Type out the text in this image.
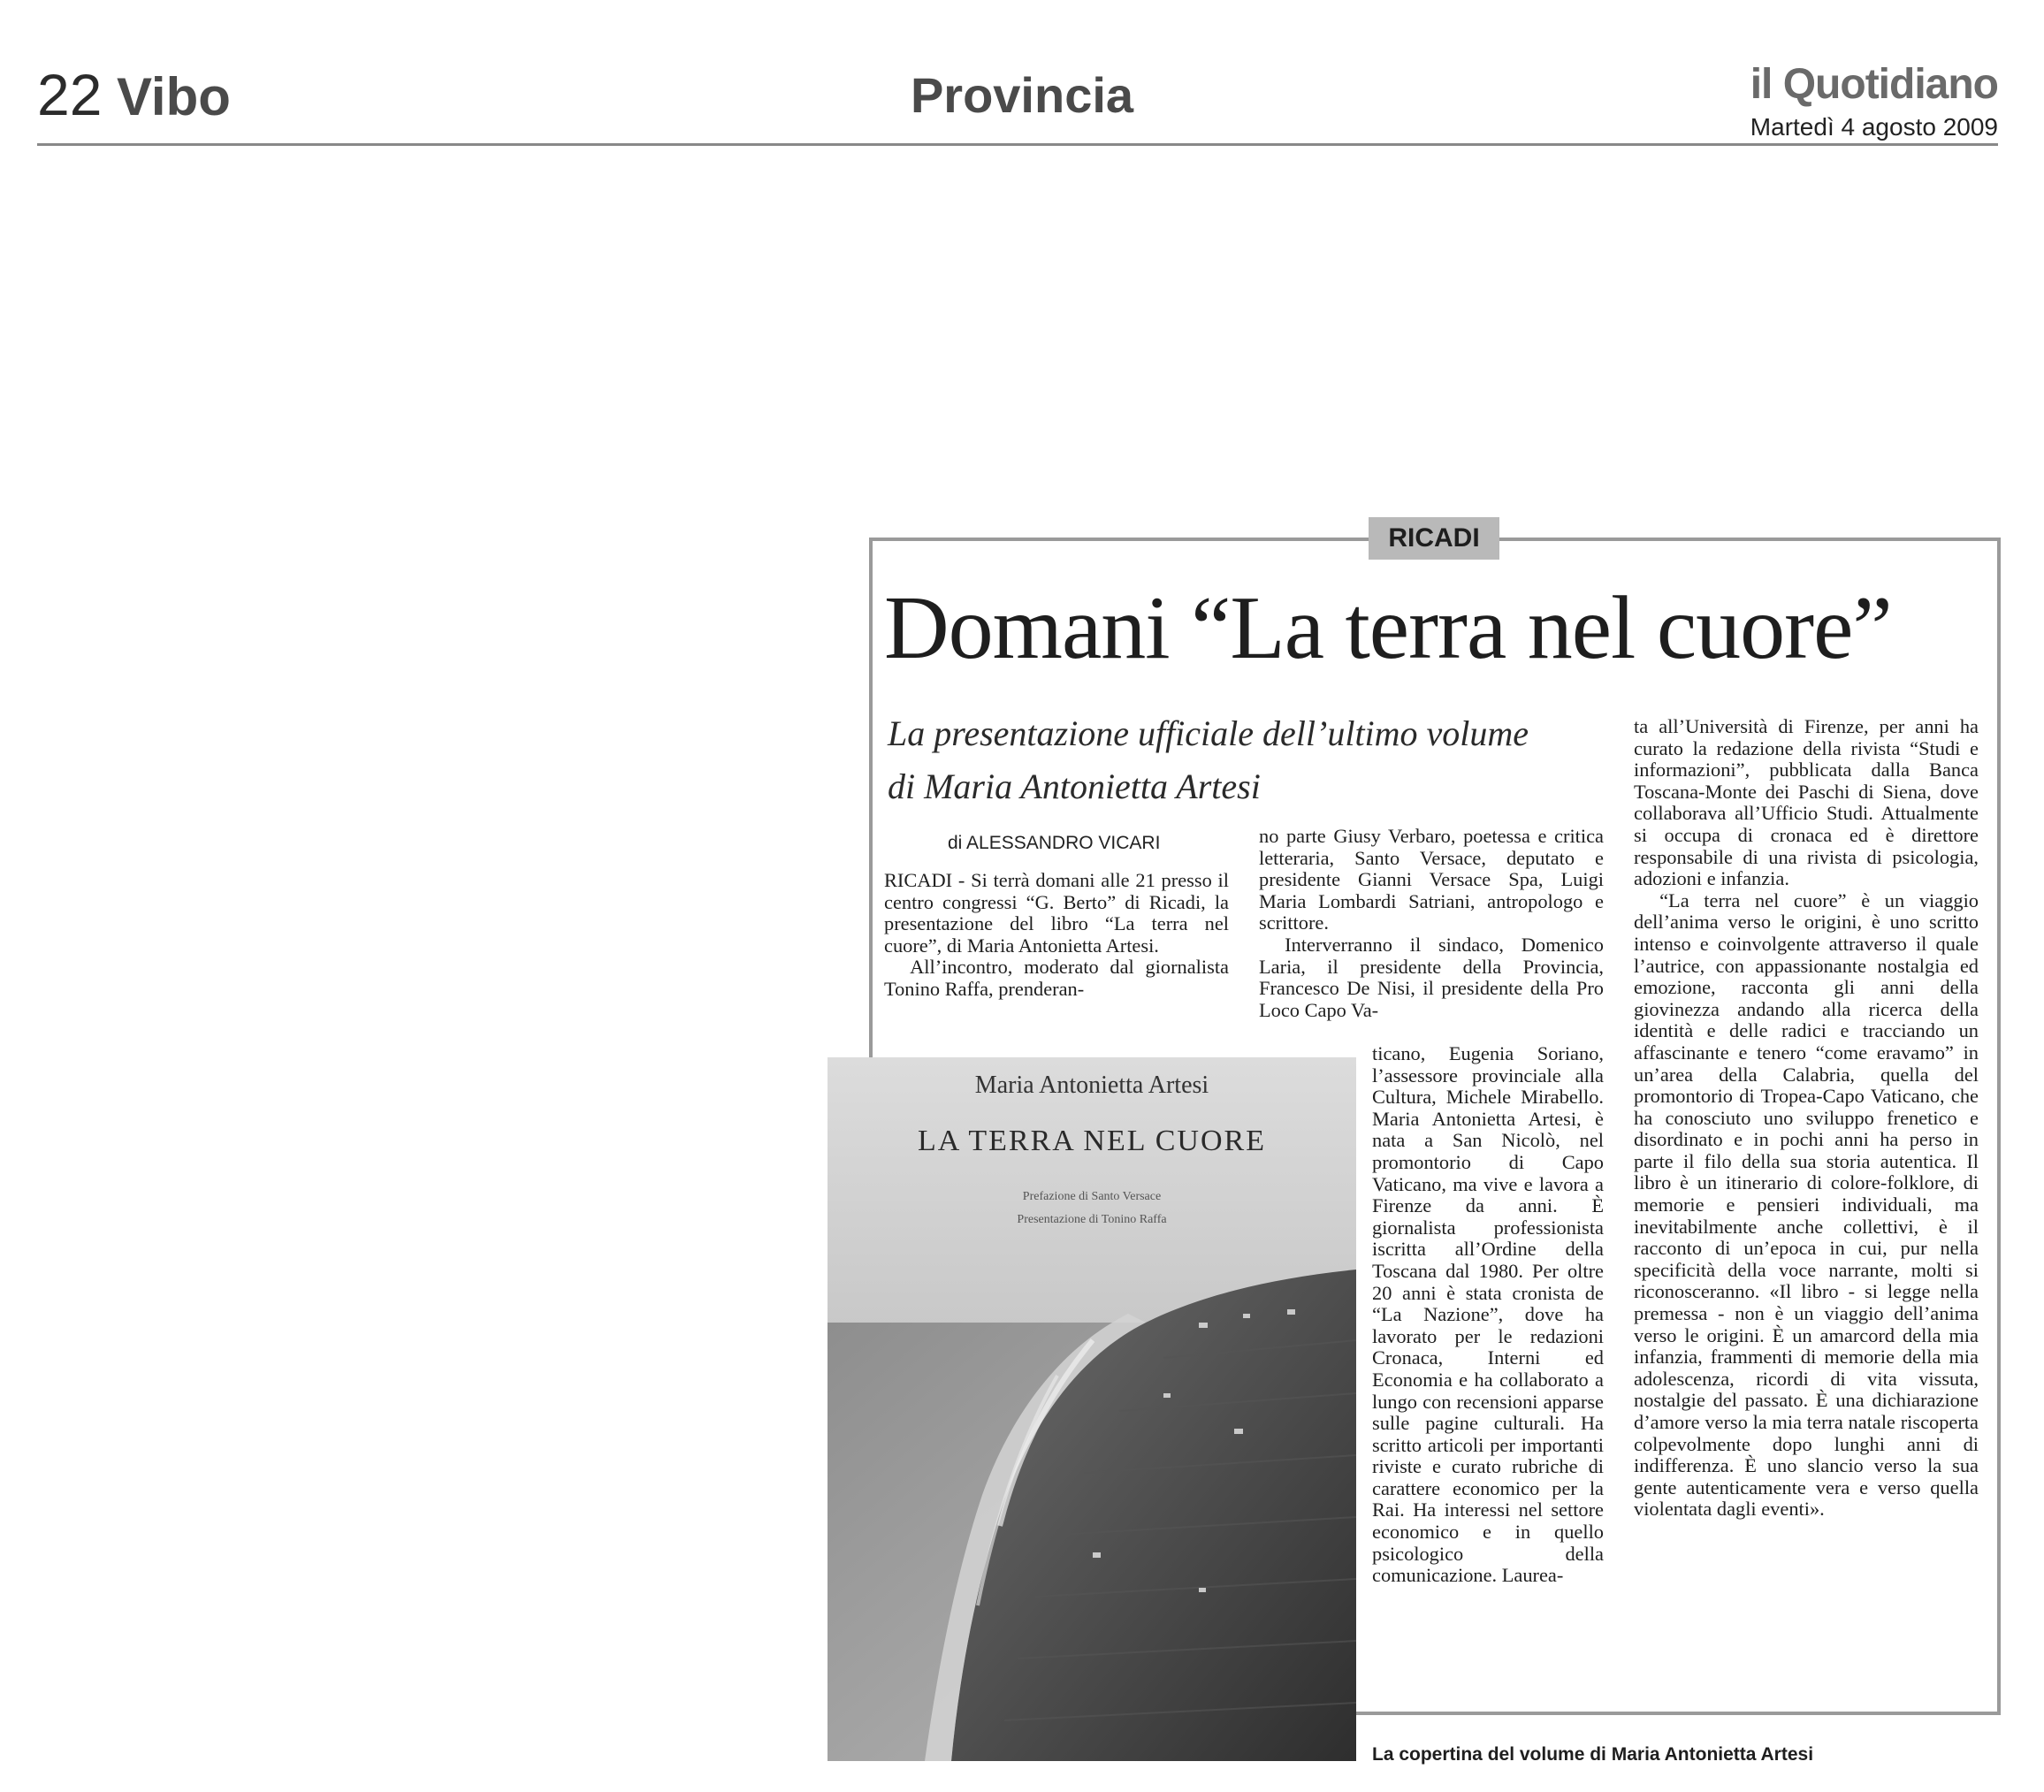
22 Vibo	Provincia	il Quotidiano
Martedì 4 agosto 2009
RICADI
Domani “La terra nel cuore”
La presentazione ufficiale dell’ultimo volume di Maria Antonietta Artesi
di ALESSANDRO VICARI

RICADI - Si terrà domani alle 21 presso il centro congressi “G. Berto” di Ricadi, la presentazione del libro “La terra nel cuore”, di Maria Antonietta Artesi.

All’incontro, moderato dal giornalista Tonino Raffa, prenderan-

no parte Giusy Verbaro, poetessa e critica letteraria, Santo Versace, deputato e presidente Gianni Versace Spa, Luigi Maria Lombardi Satriani, antropologo e scrittore.

Interverranno il sindaco, Domenico Laria, il presidente della Provincia, Francesco De Nisi, il presidente della Pro Loco Capo Va-

ticano, Eugenia Soriano, l’assessore provinciale alla Cultura, Michele Mirabello. Maria Antonietta Artesi, è nata a San Nicolò, nel promontorio di Capo Vaticano, ma vive e lavora a Firenze da anni. È giornalista professionista iscritta all’Ordine della Toscana dal 1980. Per oltre 20 anni è stata cronista de “La Nazione”, dove ha lavorato per le redazioni Cronaca, Interni ed Economia e ha collaborato a lungo con recensioni apparse sulle pagine culturali. Ha scritto articoli per importanti riviste e curato rubriche di carattere economico per la Rai. Ha interessi nel settore economico e in quello psicologico della comunicazione. Laurea-

ta all’Università di Firenze, per anni ha curato la redazione della rivista “Studi e informazioni”, pubblicata dalla Banca Toscana-Monte dei Paschi di Siena, dove collaborava all’Ufficio Studi. Attualmente si occupa di cronaca ed è direttore responsabile di una rivista di psicologia, adozioni e infanzia.

“La terra nel cuore” è un viaggio dell’anima verso le origini, è uno scritto intenso e coinvolgente attraverso il quale l’autrice, con appassionante nostalgia ed emozione, racconta gli anni della giovinezza andando alla ricerca della identità e delle radici e tracciando un affascinante e tenero “come eravamo” in un’area della Calabria, quella del promontorio di Tropea-Capo Vaticano, che ha conosciuto uno sviluppo frenetico e disordinato e in pochi anni ha perso in parte il filo della sua storia autentica. Il libro è un itinerario di colore-folklore, di memorie e pensieri individuali, ma inevitabilmente anche collettivi, è il racconto di un’epoca in cui, pur nella specificità della voce narrante, molti si riconosceranno. «Il libro - si legge nella premessa - non è un viaggio dell’anima verso le origini. È un amarcord della mia infanzia, frammenti di memorie della mia adolescenza, ricordi di vita vissuta, nostalgie del passato. È una dichiarazione d’amore verso la mia terra natale riscoperta colpevolmente dopo lunghi anni di indifferenza. È uno slancio verso la sua gente autenticamente vera e verso quella violentata dagli eventi».

Maria Antonietta Artesi
LA TERRA NEL CUORE
Prefazione di Santo Versace
Presentazione di Tonino Raffa
La copertina del volume di Maria Antonietta Artesi
